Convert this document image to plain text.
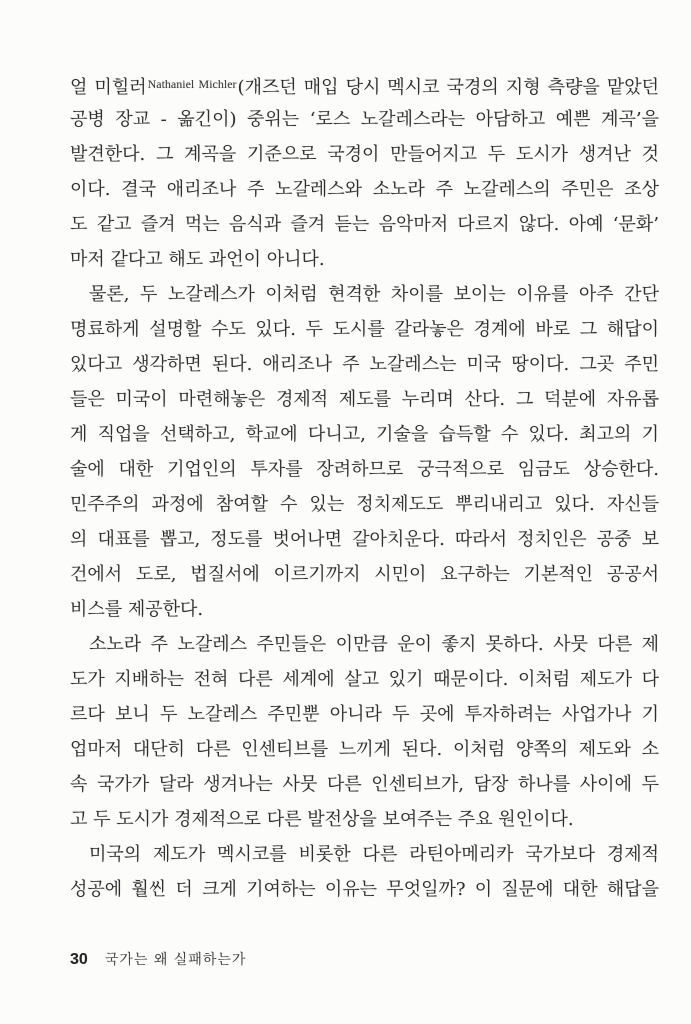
얼 미힐러$^{Nathaniel Michler}$(개즈던 매입 당시 멕시코 국경의 지형 측량을 맡았던

공병 장교 - 옮긴이) 중위는 ‘로스 노갈레스라는 아담하고 예쁜 계곡’을

발견한다. 그 계곡을 기준으로 국경이 만들어지고 두 도시가 생겨난 것

이다. 결국 애리조나 주 노갈레스와 소노라 주 노갈레스의 주민은 조상

도 같고 즐겨 먹는 음식과 즐겨 듣는 음악마저 다르지 않다. 아예 ‘문화’

마저 같다고 해도 과언이 아니다.

물론, 두 노갈레스가 이처럼 현격한 차이를 보이는 이유를 아주 간단

명료하게 설명할 수도 있다. 두 도시를 갈라놓은 경계에 바로 그 해답이

있다고 생각하면 된다. 애리조나 주 노갈레스는 미국 땅이다. 그곳 주민

들은 미국이 마련해놓은 경제적 제도를 누리며 산다. 그 덕분에 자유롭

게 직업을 선택하고, 학교에 다니고, 기술을 습득할 수 있다. 최고의 기

술에 대한 기업인의 투자를 장려하므로 궁극적으로 임금도 상승한다.

민주주의 과정에 참여할 수 있는 정치제도도 뿌리내리고 있다. 자신들

의 대표를 뽑고, 정도를 벗어나면 갈아치운다. 따라서 정치인은 공중 보

건에서 도로, 법질서에 이르기까지 시민이 요구하는 기본적인 공공서

비스를 제공한다.

소노라 주 노갈레스 주민들은 이만큼 운이 좋지 못하다. 사뭇 다른 제

도가 지배하는 전혀 다른 세계에 살고 있기 때문이다. 이처럼 제도가 다

르다 보니 두 노갈레스 주민뿐 아니라 두 곳에 투자하려는 사업가나 기

업마저 대단히 다른 인센티브를 느끼게 된다. 이처럼 양쪽의 제도와 소

속 국가가 달라 생겨나는 사뭇 다른 인센티브가, 담장 하나를 사이에 두

고 두 도시가 경제적으로 다른 발전상을 보여주는 주요 원인이다.

미국의 제도가 멕시코를 비롯한 다른 라틴아메리카 국가보다 경제적

성공에 훨씬 더 크게 기여하는 이유는 무엇일까? 이 질문에 대한 해답을

30 국가는 왜 실패하는가
